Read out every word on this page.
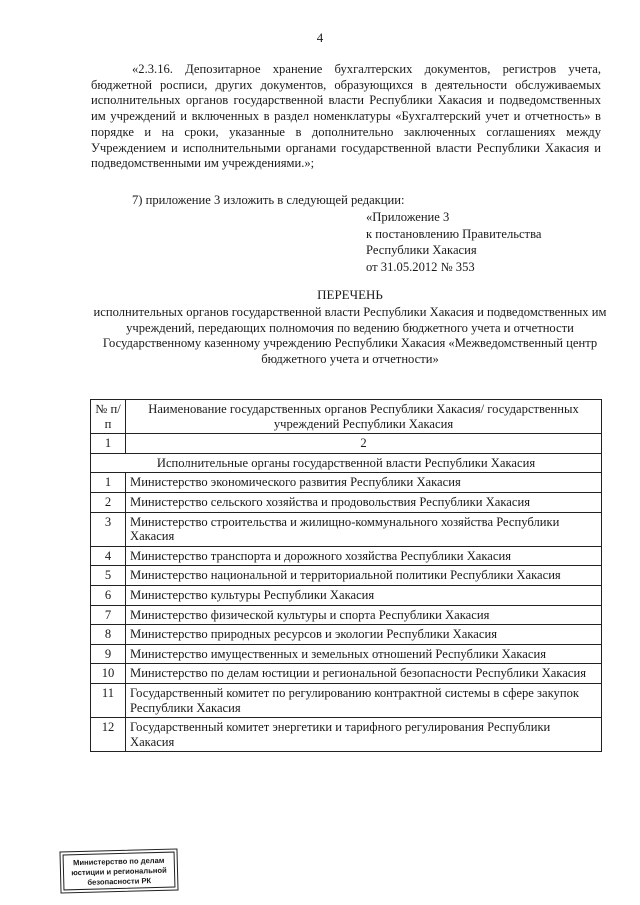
4

«2.3.16. Депозитарное хранение бухгалтерских документов, регистров учета, бюджетной росписи, других документов, образующихся в деятельности обслуживаемых исполнительных органов государственной власти Республики Хакасия и подведомственных им учреждений и включенных в раздел номенклатуры «Бухгалтерский учет и отчетность» в порядке и на сроки, указанные в дополнительно заключенных соглашениях между Учреждением и исполнительными органами государственной власти Республики Хакасия и подведомственными им учреждениями.»;

7) приложение 3 изложить в следующей редакции:
«Приложение 3
к постановлению Правительства
Республики Хакасия
от 31.05.2012 № 353
ПЕРЕЧЕНЬ
исполнительных органов государственной власти Республики Хакасия и подведомственных им учреждений, передающих полномочия по ведению бюджетного учета и отчетности Государственному казенному учреждению Республики Хакасия «Межведомственный центр бюджетного учета и отчетности»
№ п/п	Наименование государственных органов Республики Хакасия/ государственных учреждений Республики Хакасия
1	2
Исполнительные органы государственной власти Республики Хакасия	
1	Министерство экономического развития Республики Хакасия
2	Министерство сельского хозяйства и продовольствия Республики Хакасия
3	Министерство строительства и жилищно-коммунального хозяйства Республики Хакасия
4	Министерство транспорта и дорожного хозяйства Республики Хакасия
5	Министерство национальной и территориальной политики Республики Хакасия
6	Министерство культуры Республики Хакасия
7	Министерство физической культуры и спорта Республики Хакасия
8	Министерство природных ресурсов и экологии Республики Хакасия
9	Министерство имущественных и земельных отношений Республики Хакасия
10	Министерство по делам юстиции и региональной безопасности Республики Хакасия
11	Государственный комитет по регулированию контрактной системы в сфере закупок Республики Хакасия
12	Государственный комитет энергетики и тарифного регулирования Республики Хакасия
Министерство по делам
юстиции и региональной
безопасности РК
